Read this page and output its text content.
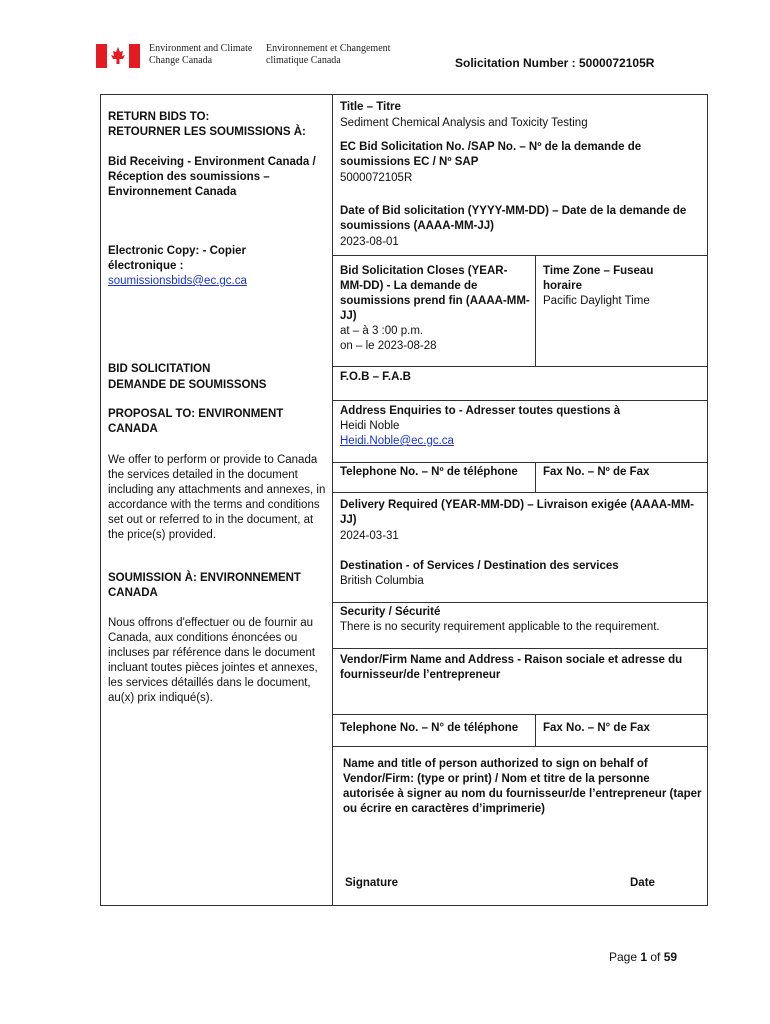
Environment and Climate Change Canada
Environnement et Changement climatique Canada	Solicitation Number : 5000072105R
RETURN BIDS TO:
RETOURNER LES SOUMISSIONS À:
Bid Receiving - Environment Canada / Réception des soumissions – Environnement Canada
Electronic Copy: - Copier électronique :
soumissionsbids@ec.gc.ca
BID SOLICITATION
DEMANDE DE SOUMISSONS
PROPOSAL TO: ENVIRONMENT CANADA
We offer to perform or provide to Canada the services detailed in the document including any attachments and annexes, in accordance with the terms and conditions set out or referred to in the document, at the price(s) provided.
SOUMISSION À: ENVIRONNEMENT CANADA
Nous offrons d'effectuer ou de fournir au Canada, aux conditions énoncées ou incluses par référence dans le document incluant toutes pièces jointes et annexes, les services détaillés dans le document, au(x) prix indiqué(s).
Title – Titre
Sediment Chemical Analysis and Toxicity Testing
EC Bid Solicitation No. /SAP No. – Nº de la demande de soumissions EC / Nº SAP
5000072105R
Date of Bid solicitation (YYYY-MM-DD) – Date de la demande de soumissions (AAAA-MM-JJ)
2023-08-01
Bid Solicitation Closes (YEAR-MM-DD) - La demande de soumissions prend fin (AAAA-MM-JJ)
at – à 3 :00 p.m.
on – le 2023-08-28
Time Zone – Fuseau horaire
Pacific Daylight Time
F.O.B – F.A.B
Address Enquiries to - Adresser toutes questions à
Heidi Noble
Heidi.Noble@ec.gc.ca
Telephone No. – Nº de téléphone	Fax No. – Nº de Fax
Delivery Required (YEAR-MM-DD) – Livraison exigée (AAAA-MM-JJ)
2024-03-31
Destination - of Services / Destination des services
British Columbia
Security / Sécurité
There is no security requirement applicable to the requirement.
Vendor/Firm Name and Address - Raison sociale et adresse du fournisseur/de l’entrepreneur
Telephone No. – N° de téléphone	Fax No. – N° de Fax
Name and title of person authorized to sign on behalf of Vendor/Firm: (type or print) / Nom et titre de la personne autorisée à signer au nom du fournisseur/de l’entrepreneur (taper ou écrire en caractères d’imprimerie)
Signature	Date
Page 1 of 59
